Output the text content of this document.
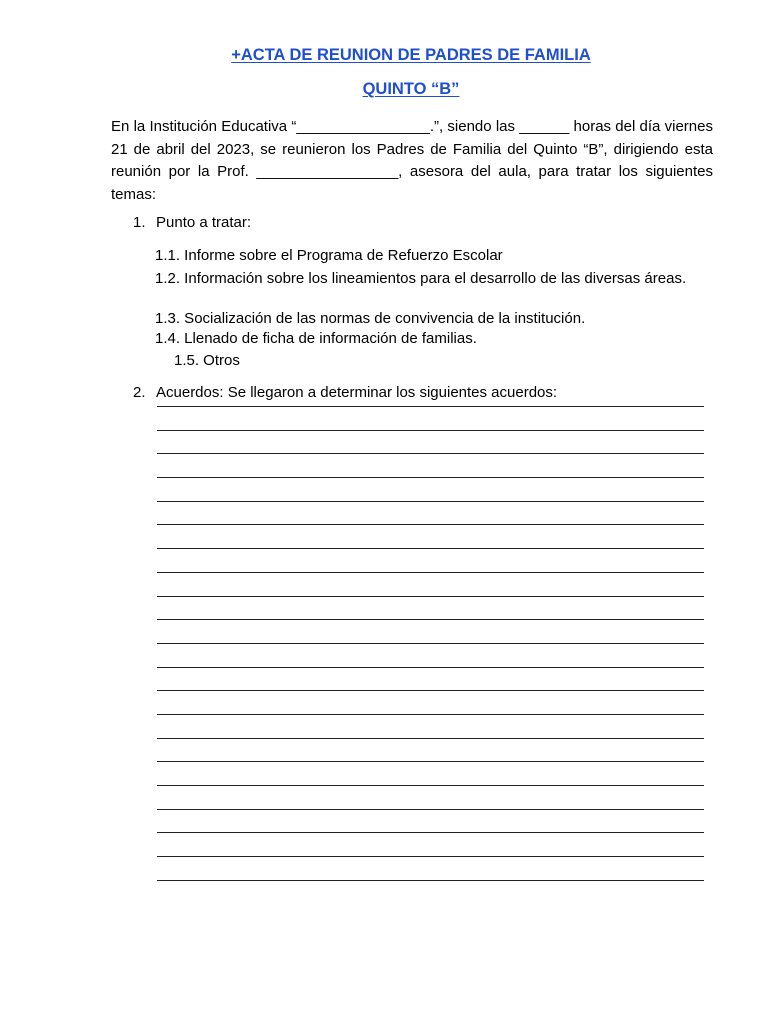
+ACTA DE REUNION DE PADRES DE FAMILIA
QUINTO “B”
En la Institución Educativa “________________.”, siendo las ______ horas del día viernes 21 de abril del 2023, se reunieron los Padres de Familia del Quinto “B”, dirigiendo esta reunión por la Prof. _________________, asesora del aula, para tratar los siguientes temas:
1. Punto a tratar:
1.1. Informe sobre el Programa de Refuerzo Escolar
1.2. Información sobre los lineamientos para el desarrollo de las diversas áreas.
1.3. Socialización de las normas de convivencia de la institución.
1.4. Llenado de ficha de información de familias.
1.5. Otros
2. Acuerdos: Se llegaron a determinar los siguientes acuerdos:
